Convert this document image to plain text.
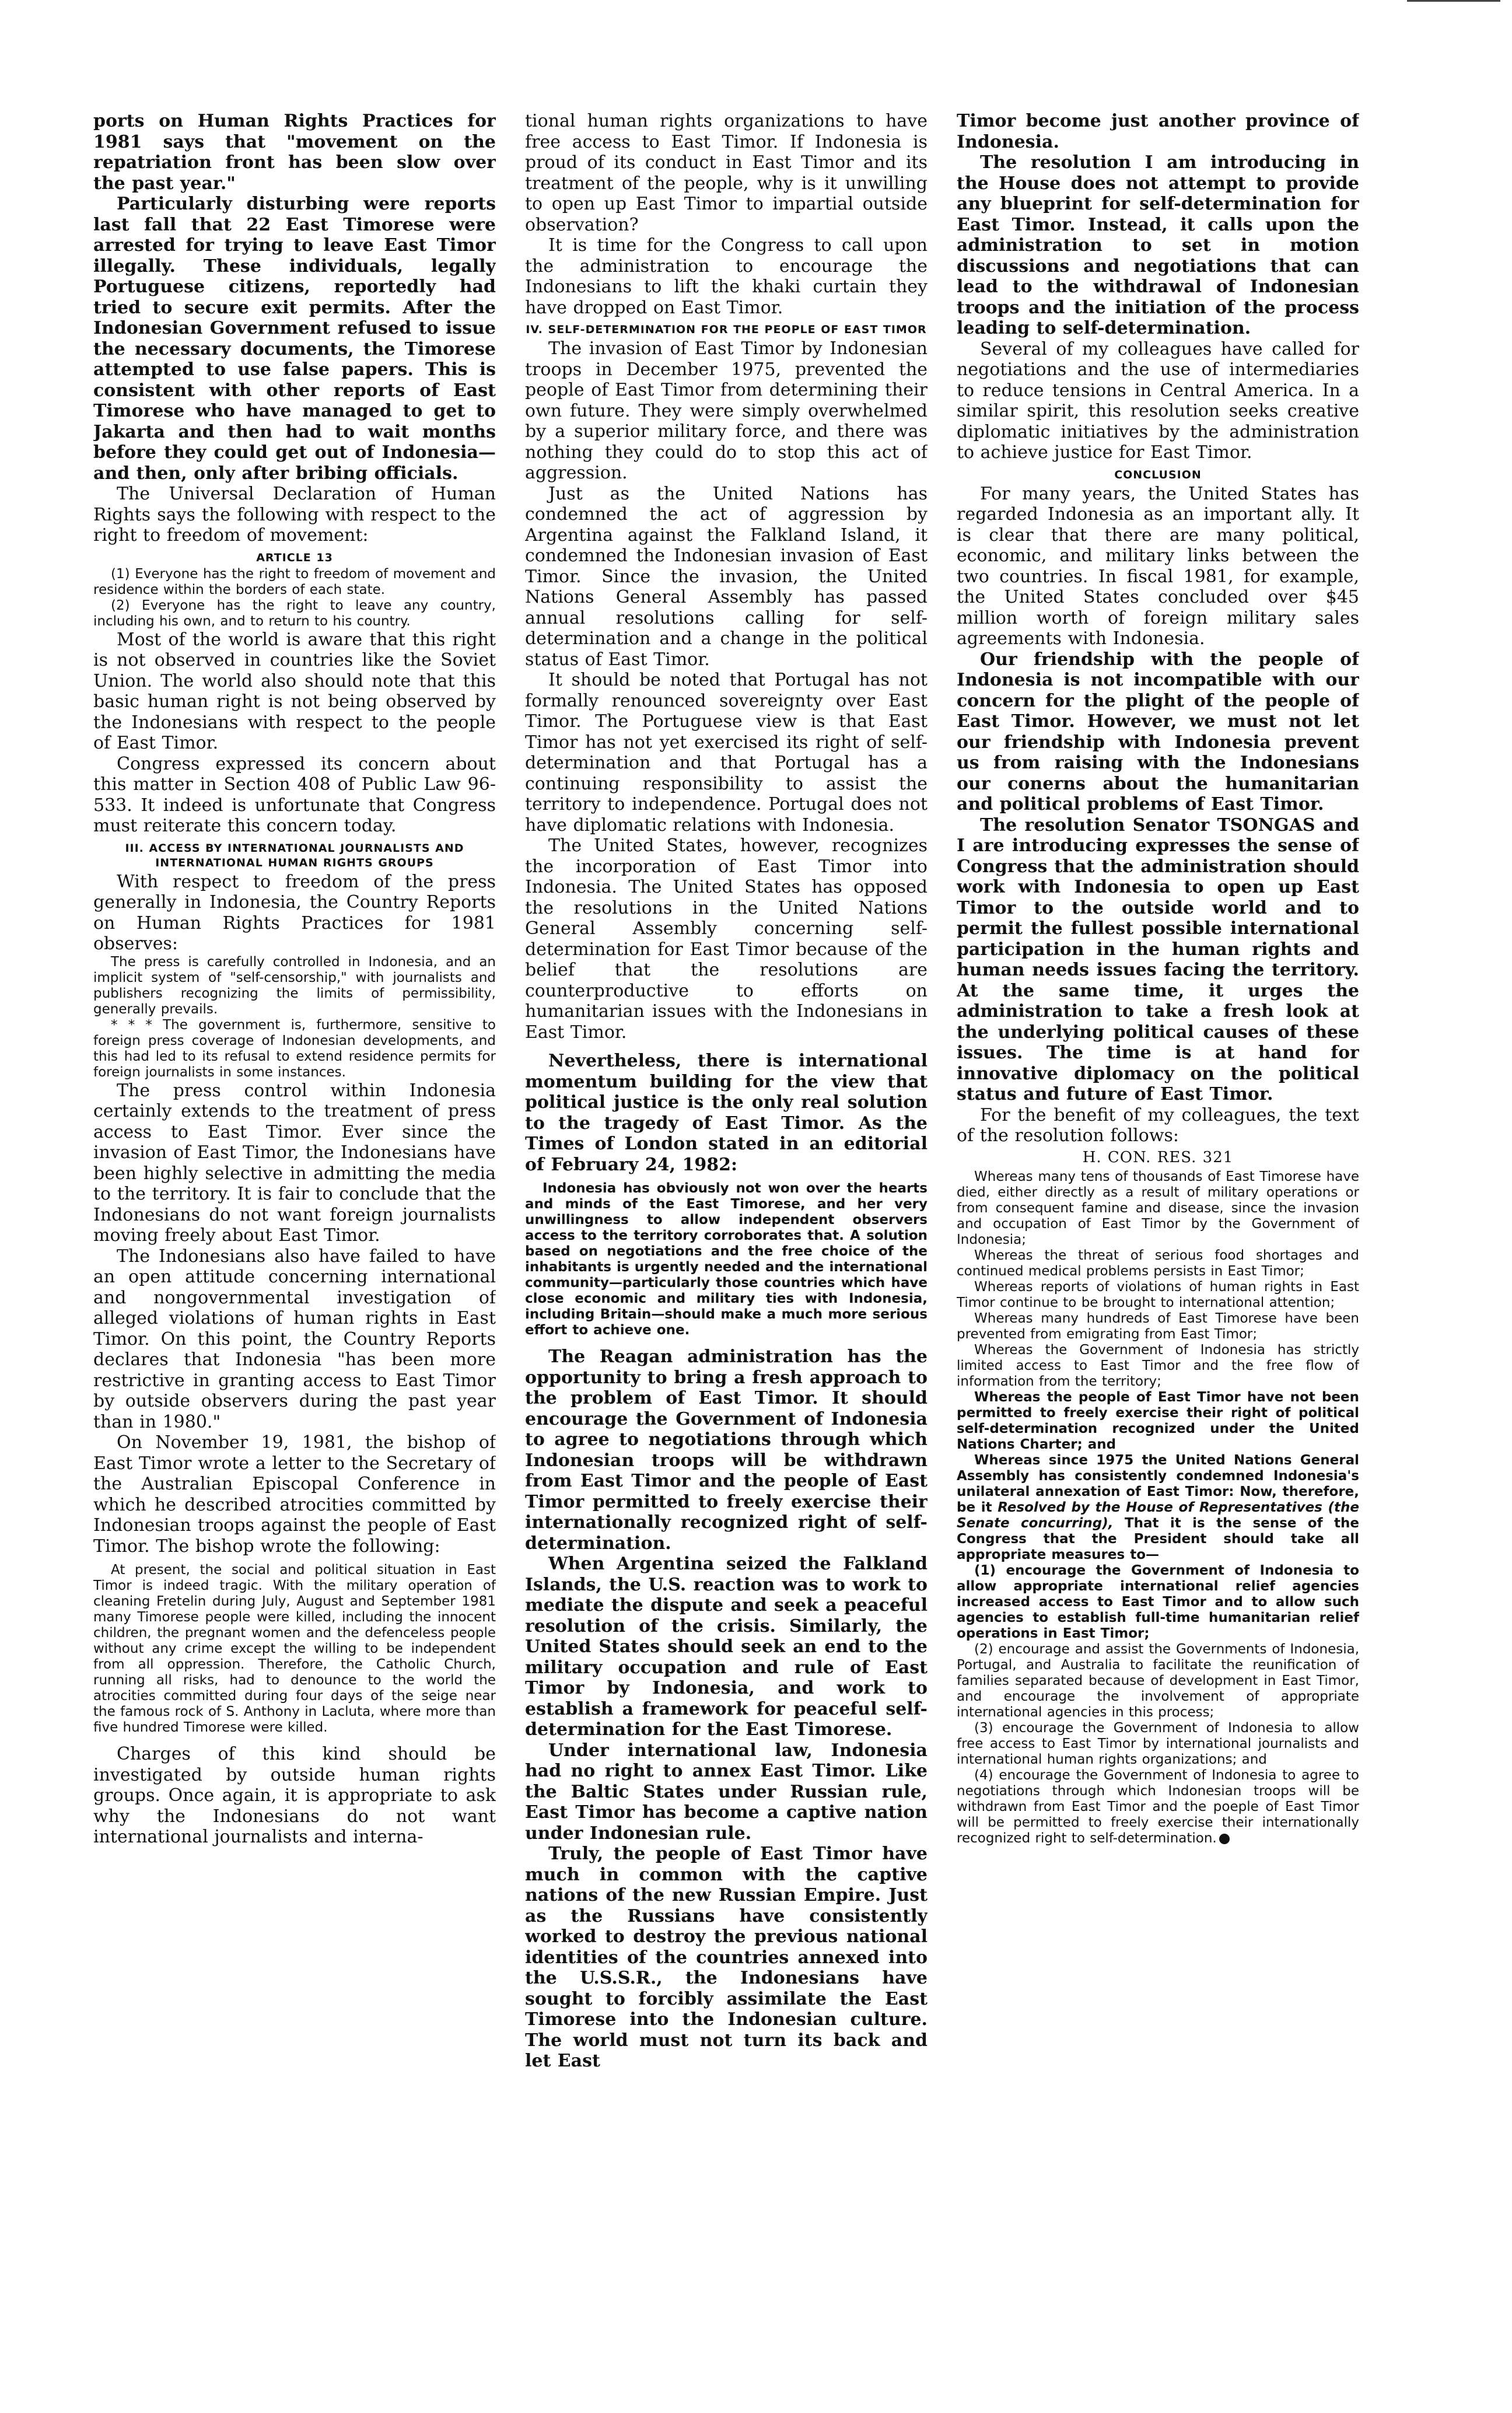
ports on Human Rights Practices for 1981 says that "movement on the repatriation front has been slow over the past year."

Particularly disturbing were reports last fall that 22 East Timorese were arrested for trying to leave East Timor illegally. These individuals, legally Portuguese citizens, reportedly had tried to secure exit permits. After the Indonesian Government refused to issue the necessary documents, the Timorese attempted to use false papers. This is consistent with other reports of East Timorese who have managed to get to Jakarta and then had to wait months before they could get out of Indonesia—and then, only after bribing officials.

The Universal Declaration of Human Rights says the following with respect to the right to freedom of movement:

ARTICLE 13

(1) Everyone has the right to freedom of movement and residence within the borders of each state.

(2) Everyone has the right to leave any country, including his own, and to return to his country.

Most of the world is aware that this right is not observed in countries like the Soviet Union. The world also should note that this basic human right is not being observed by the Indonesians with respect to the people of East Timor.

Congress expressed its concern about this matter in Section 408 of Public Law 96-533. It indeed is unfortunate that Congress must reiterate this concern today.

III. ACCESS BY INTERNATIONAL JOURNALISTS AND INTERNATIONAL HUMAN RIGHTS GROUPS

With respect to freedom of the press generally in Indonesia, the Country Reports on Human Rights Practices for 1981 observes:

The press is carefully controlled in Indonesia, and an implicit system of "self-censorship," with journalists and publishers recognizing the limits of permissibility, generally prevails.

* * * The government is, furthermore, sensitive to foreign press coverage of Indonesian developments, and this had led to its refusal to extend residence permits for foreign journalists in some instances.

The press control within Indonesia certainly extends to the treatment of press access to East Timor. Ever since the invasion of East Timor, the Indonesians have been highly selective in admitting the media to the territory. It is fair to conclude that the Indonesians do not want foreign journalists moving freely about East Timor.

The Indonesians also have failed to have an open attitude concerning international and nongovernmental investigation of alleged violations of human rights in East Timor. On this point, the Country Reports declares that Indonesia "has been more restrictive in granting access to East Timor by outside observers during the past year than in 1980."

On November 19, 1981, the bishop of East Timor wrote a letter to the Secretary of the Australian Episcopal Conference in which he described atrocities committed by Indonesian troops against the people of East Timor. The bishop wrote the following:

At present, the social and political situation in East Timor is indeed tragic. With the military operation of cleaning Fretelin during July, August and September 1981 many Timorese people were killed, including the innocent children, the pregnant women and the defenceless people without any crime except the willing to be independent from all oppression. Therefore, the Catholic Church, running all risks, had to denounce to the world the atrocities committed during four days of the seige near the famous rock of S. Anthony in Lacluta, where more than five hundred Timorese were killed.

Charges of this kind should be investigated by outside human rights groups. Once again, it is appropriate to ask why the Indonesians do not want international journalists and interna-

tional human rights organizations to have free access to East Timor. If Indonesia is proud of its conduct in East Timor and its treatment of the people, why is it unwilling to open up East Timor to impartial outside observation?

It is time for the Congress to call upon the administration to encourage the Indonesians to lift the khaki curtain they have dropped on East Timor.

IV. SELF-DETERMINATION FOR THE PEOPLE OF EAST TIMOR

The invasion of East Timor by Indonesian troops in December 1975, prevented the people of East Timor from determining their own future. They were simply overwhelmed by a superior military force, and there was nothing they could do to stop this act of aggression.

Just as the United Nations has condemned the act of aggression by Argentina against the Falkland Island, it condemned the Indonesian invasion of East Timor. Since the invasion, the United Nations General Assembly has passed annual resolutions calling for self-determination and a change in the political status of East Timor.

It should be noted that Portugal has not formally renounced sovereignty over East Timor. The Portuguese view is that East Timor has not yet exercised its right of self-determination and that Portugal has a continuing responsibility to assist the territory to independence. Portugal does not have diplomatic relations with Indonesia.

The United States, however, recognizes the incorporation of East Timor into Indonesia. The United States has opposed the resolutions in the United Nations General Assembly concerning self-determination for East Timor because of the belief that the resolutions are counterproductive to efforts on humanitarian issues with the Indonesians in East Timor.

Nevertheless, there is international momentum building for the view that political justice is the only real solution to the tragedy of East Timor. As the Times of London stated in an editorial of February 24, 1982:

Indonesia has obviously not won over the hearts and minds of the East Timorese, and her very unwillingness to allow independent observers access to the territory corroborates that. A solution based on negotiations and the free choice of the inhabitants is urgently needed and the international community—particularly those countries which have close economic and military ties with Indonesia, including Britain—should make a much more serious effort to achieve one.

The Reagan administration has the opportunity to bring a fresh approach to the problem of East Timor. It should encourage the Government of Indonesia to agree to negotiations through which Indonesian troops will be withdrawn from East Timor and the people of East Timor permitted to freely exercise their internationally recognized right of self-determination.

When Argentina seized the Falkland Islands, the U.S. reaction was to work to mediate the dispute and seek a peaceful resolution of the crisis. Similarly, the United States should seek an end to the military occupation and rule of East Timor by Indonesia, and work to establish a framework for peaceful self-determination for the East Timorese.

Under international law, Indonesia had no right to annex East Timor. Like the Baltic States under Russian rule, East Timor has become a captive nation under Indonesian rule.

Truly, the people of East Timor have much in common with the captive nations of the new Russian Empire. Just as the Russians have consistently worked to destroy the previous national identities of the countries annexed into the U.S.S.R., the Indonesians have sought to forcibly assimilate the East Timorese into the Indonesian culture. The world must not turn its back and let East

Timor become just another province of Indonesia.

The resolution I am introducing in the House does not attempt to provide any blueprint for self-determination for East Timor. Instead, it calls upon the administration to set in motion discussions and negotiations that can lead to the withdrawal of Indonesian troops and the initiation of the process leading to self-determination.

Several of my colleagues have called for negotiations and the use of intermediaries to reduce tensions in Central America. In a similar spirit, this resolution seeks creative diplomatic initiatives by the administration to achieve justice for East Timor.

CONCLUSION

For many years, the United States has regarded Indonesia as an important ally. It is clear that there are many political, economic, and military links between the two countries. In fiscal 1981, for example, the United States concluded over $45 million worth of foreign military sales agreements with Indonesia.

Our friendship with the people of Indonesia is not incompatible with our concern for the plight of the people of East Timor. However, we must not let our friendship with Indonesia prevent us from raising with the Indonesians our conerns about the humanitarian and political problems of East Timor.

The resolution Senator TSONGAS and I are introducing expresses the sense of Congress that the administration should work with Indonesia to open up East Timor to the outside world and to permit the fullest possible international participation in the human rights and human needs issues facing the territory. At the same time, it urges the administration to take a fresh look at the underlying political causes of these issues. The time is at hand for innovative diplomacy on the political status and future of East Timor.

For the benefit of my colleagues, the text of the resolution follows:

H. CON. RES. 321

Whereas many tens of thousands of East Timorese have died, either directly as a result of military operations or from consequent famine and disease, since the invasion and occupation of East Timor by the Government of Indonesia;

Whereas the threat of serious food shortages and continued medical problems persists in East Timor;

Whereas reports of violations of human rights in East Timor continue to be brought to international attention;

Whereas many hundreds of East Timorese have been prevented from emigrating from East Timor;

Whereas the Government of Indonesia has strictly limited access to East Timor and the free flow of information from the territory;

Whereas the people of East Timor have not been permitted to freely exercise their right of political self-determination recognized under the United Nations Charter; and

Whereas since 1975 the United Nations General Assembly has consistently condemned Indonesia's unilateral annexation of East Timor: Now, therefore, be it Resolved by the House of Representatives (the Senate concurring), That it is the sense of the Congress that the President should take all appropriate measures to—

(1) encourage the Government of Indonesia to allow appropriate international relief agencies increased access to East Timor and to allow such agencies to establish full-time humanitarian relief operations in East Timor;

(2) encourage and assist the Governments of Indonesia, Portugal, and Australia to facilitate the reunification of families separated because of development in East Timor, and encourage the involvement of appropriate international agencies in this process;

(3) encourage the Government of Indonesia to allow free access to East Timor by international journalists and international human rights organizations; and

(4) encourage the Government of Indonesia to agree to negotiations through which Indonesian troops will be withdrawn from East Timor and the poeple of East Timor will be permitted to freely exercise their internationally recognized right to self-determination.
